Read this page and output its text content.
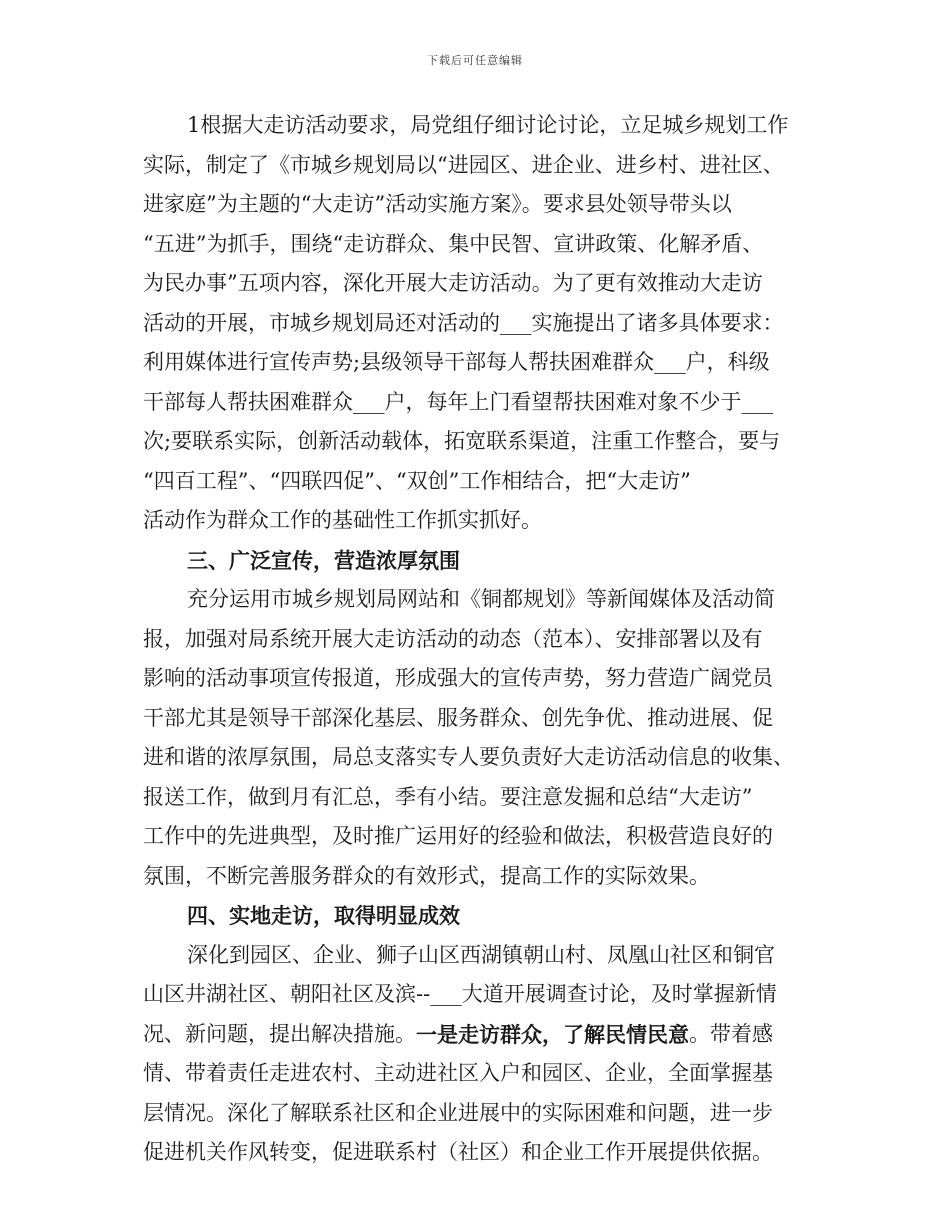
下载后可任意编辑
1根据大走访活动要求，局党组仔细讨论讨论，立足城乡规划工作
实际，制定了《市城乡规划局以“进园区、进企业、进乡村、进社区、
进家庭”为主题的“大走访”活动实施方案》。要求县处领导带头以
“五进”为抓手，围绕“走访群众、集中民智、宣讲政策、化解矛盾、
为民办事”五项内容，深化开展大走访活动。为了更有效推动大走访
活动的开展，市城乡规划局还对活动的___实施提出了诸多具体要求：
利用媒体进行宣传声势;县级领导干部每人帮扶困难群众___户，科级
干部每人帮扶困难群众___户，每年上门看望帮扶困难对象不少于___
次;要联系实际，创新活动载体，拓宽联系渠道，注重工作整合，要与
“四百工程”、“四联四促”、“双创”工作相结合，把“大走访”
活动作为群众工作的基础性工作抓实抓好。
三、广泛宣传，营造浓厚氛围
充分运用市城乡规划局网站和《铜都规划》等新闻媒体及活动简
报，加强对局系统开展大走访活动的动态（范本）、安排部署以及有
影响的活动事项宣传报道，形成强大的宣传声势，努力营造广阔党员
干部尤其是领导干部深化基层、服务群众、创先争优、推动进展、促
进和谐的浓厚氛围，局总支落实专人要负责好大走访活动信息的收集、
报送工作，做到月有汇总，季有小结。要注意发掘和总结“大走访”
工作中的先进典型，及时推广运用好的经验和做法，积极营造良好的
氛围，不断完善服务群众的有效形式，提高工作的实际效果。
四、实地走访，取得明显成效
深化到园区、企业、狮子山区西湖镇朝山村、凤凰山社区和铜官
山区井湖社区、朝阳社区及滨--___大道开展调查讨论，及时掌握新情
况、新问题，提出解决措施。 一是走访群众，了解民情民意 。带着感
情、带着责任走进农村、主动进社区入户和园区、企业，全面掌握基
层情况。深化了解联系社区和企业进展中的实际困难和问题，进一步
促进机关作风转变，促进联系村（社区）和企业工作开展提供依据。
